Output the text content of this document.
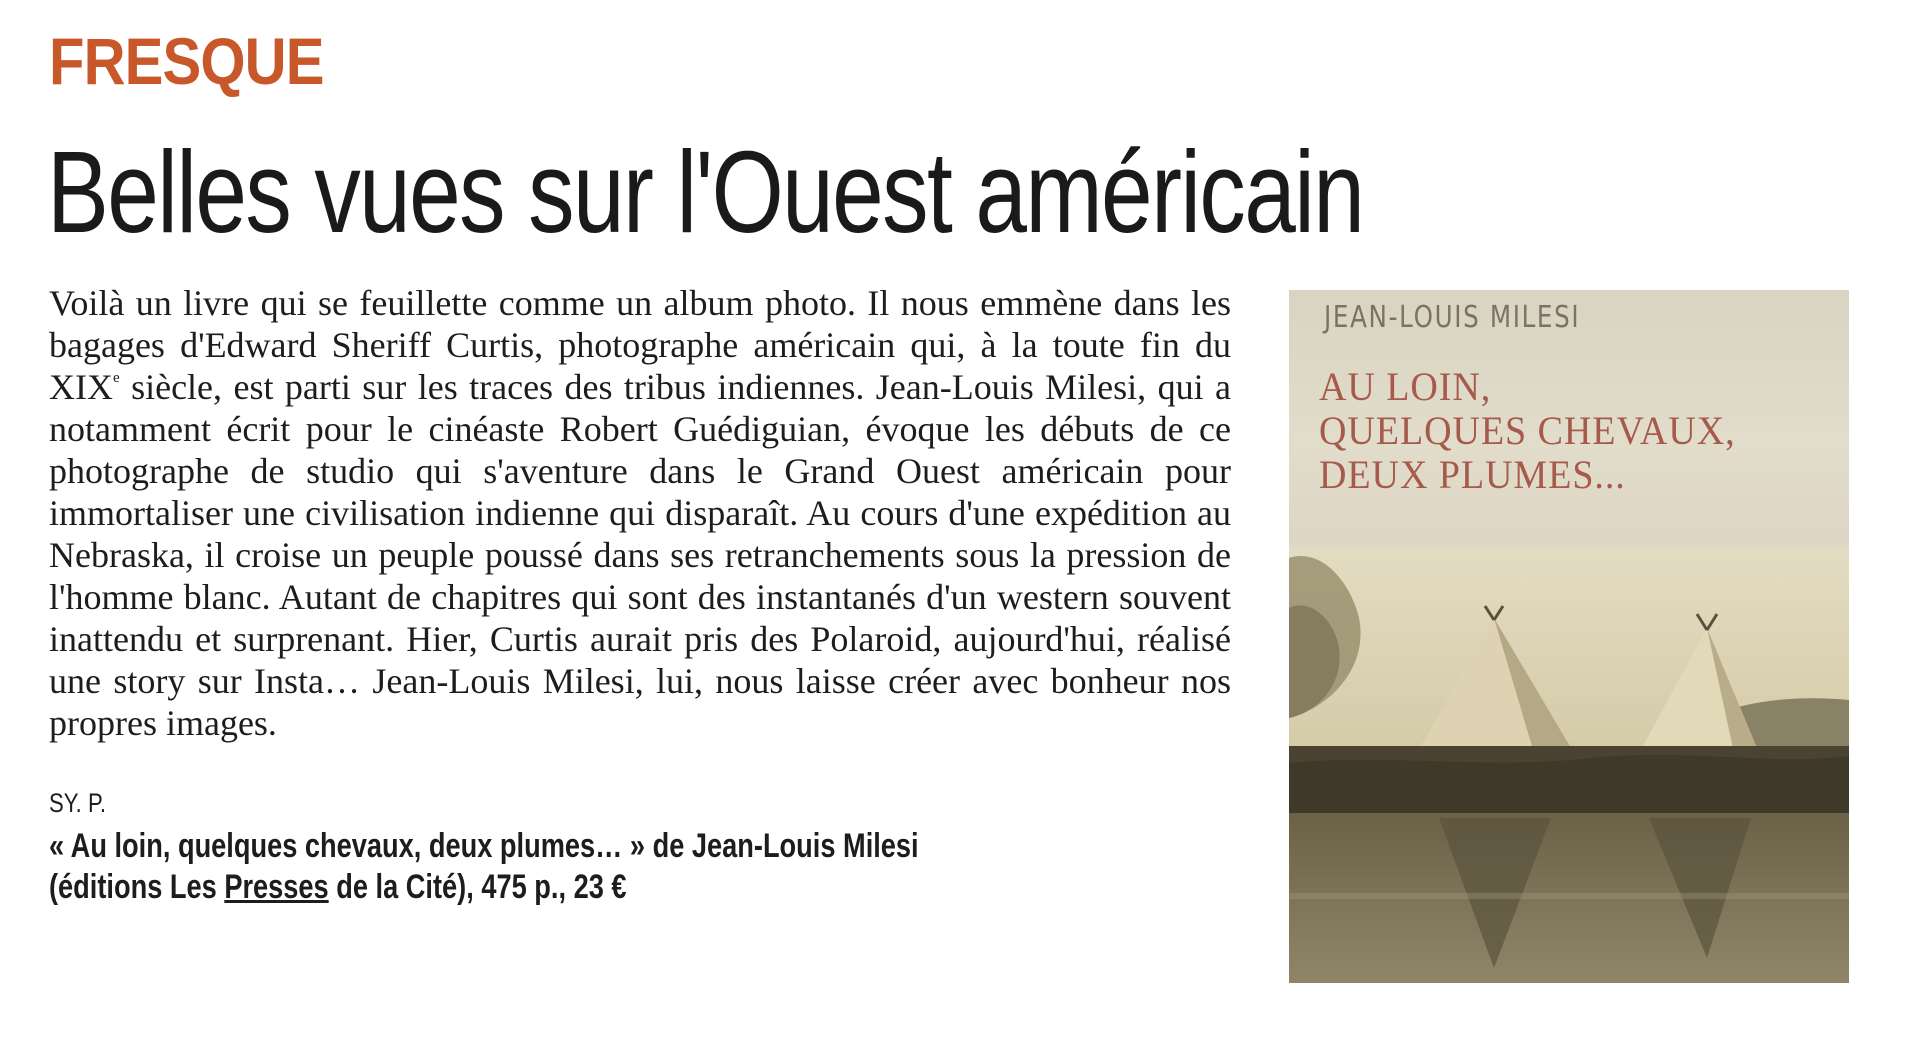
FRESQUE
Belles vues sur l'Ouest américain
Voilà un livre qui se feuillette comme un album photo. Il nous emmène dans les bagages d'Edward Sheriff Curtis, photographe américain qui, à la toute fin du XIXe siècle, est parti sur les traces des tribus indiennes. Jean-Louis Milesi, qui a notamment écrit pour le cinéaste Robert Guédiguian, évoque les débuts de ce photographe de studio qui s'aventure dans le Grand Ouest américain pour immortaliser une civilisation indienne qui disparaît. Au cours d'une expédition au Nebraska, il croise un peuple poussé dans ses retranchements sous la pression de l'homme blanc. Autant de chapitres qui sont des instantanés d'un western souvent inattendu et surprenant. Hier, Curtis aurait pris des Polaroid, aujourd'hui, réalisé une story sur Insta… Jean-Louis Milesi, lui, nous laisse créer avec bonheur nos propres images.
SY. P.
« Au loin, quelques chevaux, deux plumes… » de Jean-Louis Milesi
(éditions Les Presses de la Cité), 475 p., 23 €
JEAN-LOUIS MILESI
AU LOIN,
QUELQUES CHEVAUX,
DEUX PLUMES...
